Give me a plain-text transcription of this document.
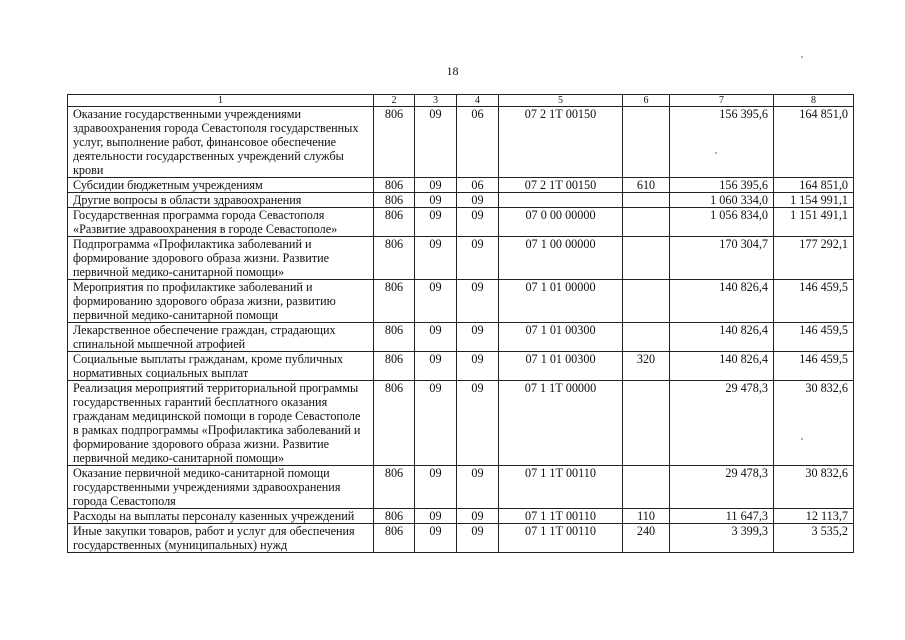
18
1	2	3	4	5	6	7	8
Оказание государственными учреждениями здравоохранения города Севастополя государственных услуг, выполнение работ, финансовое обеспечение деятельности государственных учреждений службы крови	806	09	06	07 2 1Т 00150		156 395,6	164 851,0
Субсидии бюджетным учреждениям	806	09	06	07 2 1Т 00150	610	156 395,6	164 851,0
Другие вопросы в области здравоохранения	806	09	09			1 060 334,0	1 154 991,1
Государственная программа города Севастополя «Развитие здравоохранения в городе Севастополе»	806	09	09	07 0 00 00000		1 056 834,0	1 151 491,1
Подпрограмма «Профилактика заболеваний и формирование здорового образа жизни. Развитие первичной медико-санитарной помощи»	806	09	09	07 1 00 00000		170 304,7	177 292,1
Мероприятия по профилактике заболеваний и формированию здорового образа жизни, развитию первичной медико-санитарной помощи	806	09	09	07 1 01 00000		140 826,4	146 459,5
Лекарственное обеспечение граждан, страдающих спинальной мышечной атрофией	806	09	09	07 1 01 00300		140 826,4	146 459,5
Социальные выплаты гражданам, кроме публичных нормативных социальных выплат	806	09	09	07 1 01 00300	320	140 826,4	146 459,5
Реализация мероприятий территориальной программы государственных гарантий бесплатного оказания гражданам медицинской помощи в городе Севастополе в рамках подпрограммы «Профилактика заболеваний и формирование здорового образа жизни. Развитие первичной медико-санитарной помощи»	806	09	09	07 1 1Т 00000		29 478,3	30 832,6
Оказание первичной медико-санитарной помощи государственными учреждениями здравоохранения города Севастополя	806	09	09	07 1 1Т 00110		29 478,3	30 832,6
Расходы на выплаты персоналу казенных учреждений	806	09	09	07 1 1Т 00110	110	11 647,3	12 113,7
Иные закупки товаров, работ и услуг для обеспечения государственных (муниципальных) нужд	806	09	09	07 1 1Т 00110	240	3 399,3	3 535,2
